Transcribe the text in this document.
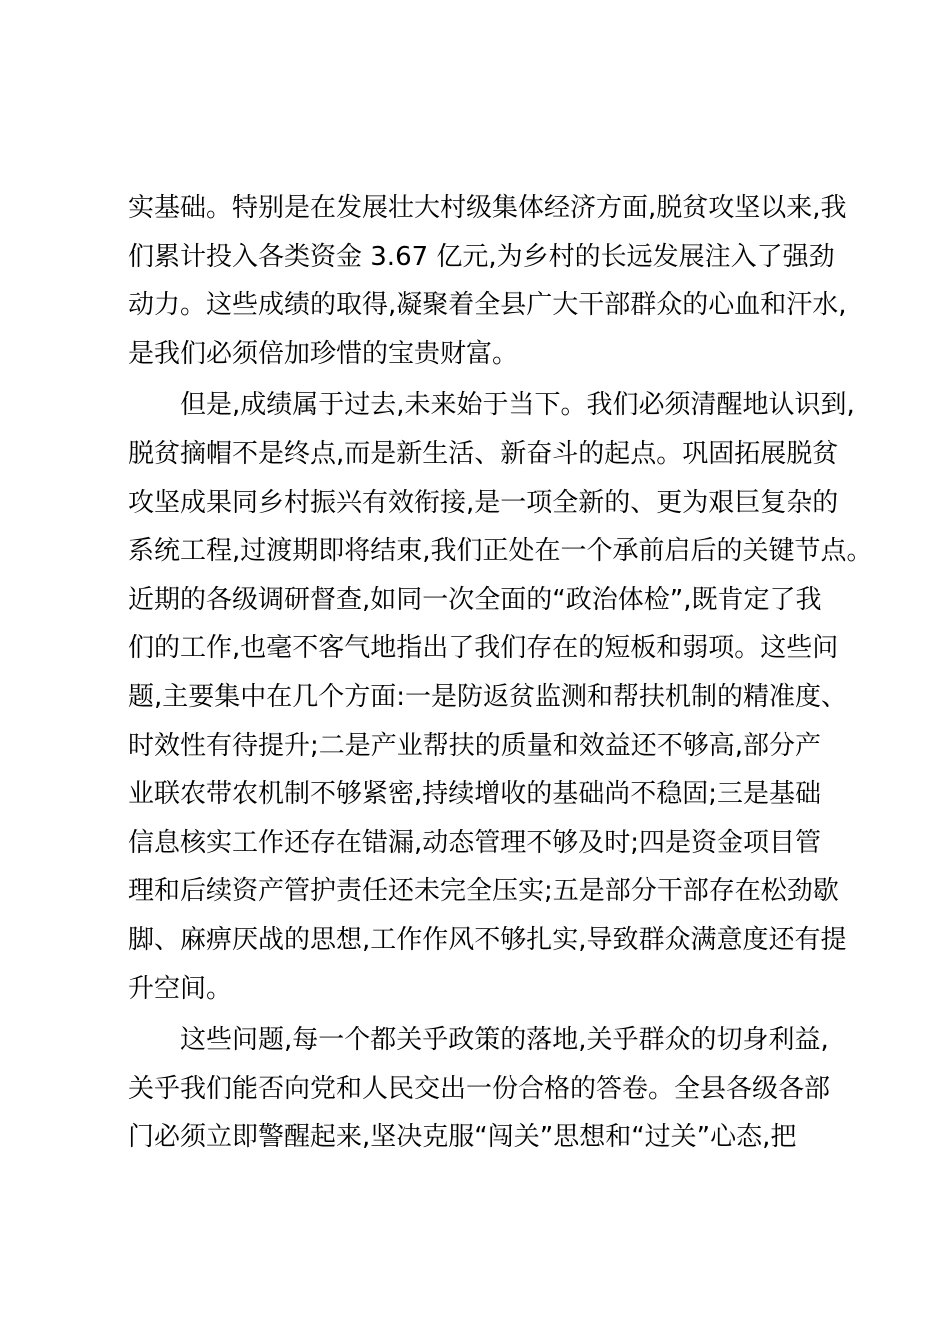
实基础。特别是在发展壮大村级集体经济方面,脱贫攻坚以来,我
们累计投入各类资金 3.67 亿元,为乡村的长远发展注入了强劲
动力。这些成绩的取得,凝聚着全县广大干部群众的心血和汗水,
是我们必须倍加珍惜的宝贵财富。
但是,成绩属于过去,未来始于当下。我们必须清醒地认识到,
脱贫摘帽不是终点,而是新生活、新奋斗的起点。巩固拓展脱贫
攻坚成果同乡村振兴有效衔接,是一项全新的、更为艰巨复杂的
系统工程,过渡期即将结束,我们正处在一个承前启后的关键节点。
近期的各级调研督查,如同一次全面的“政治体检”,既肯定了我
们的工作,也毫不客气地指出了我们存在的短板和弱项。这些问
题,主要集中在几个方面:一是防返贫监测和帮扶机制的精准度、
时效性有待提升;二是产业帮扶的质量和效益还不够高,部分产
业联农带农机制不够紧密,持续增收的基础尚不稳固;三是基础
信息核实工作还存在错漏,动态管理不够及时;四是资金项目管
理和后续资产管护责任还未完全压实;五是部分干部存在松劲歇
脚、麻痹厌战的思想,工作作风不够扎实,导致群众满意度还有提
升空间。
这些问题,每一个都关乎政策的落地,关乎群众的切身利益,
关乎我们能否向党和人民交出一份合格的答卷。全县各级各部
门必须立即警醒起来,坚决克服“闯关”思想和“过关”心态,把
